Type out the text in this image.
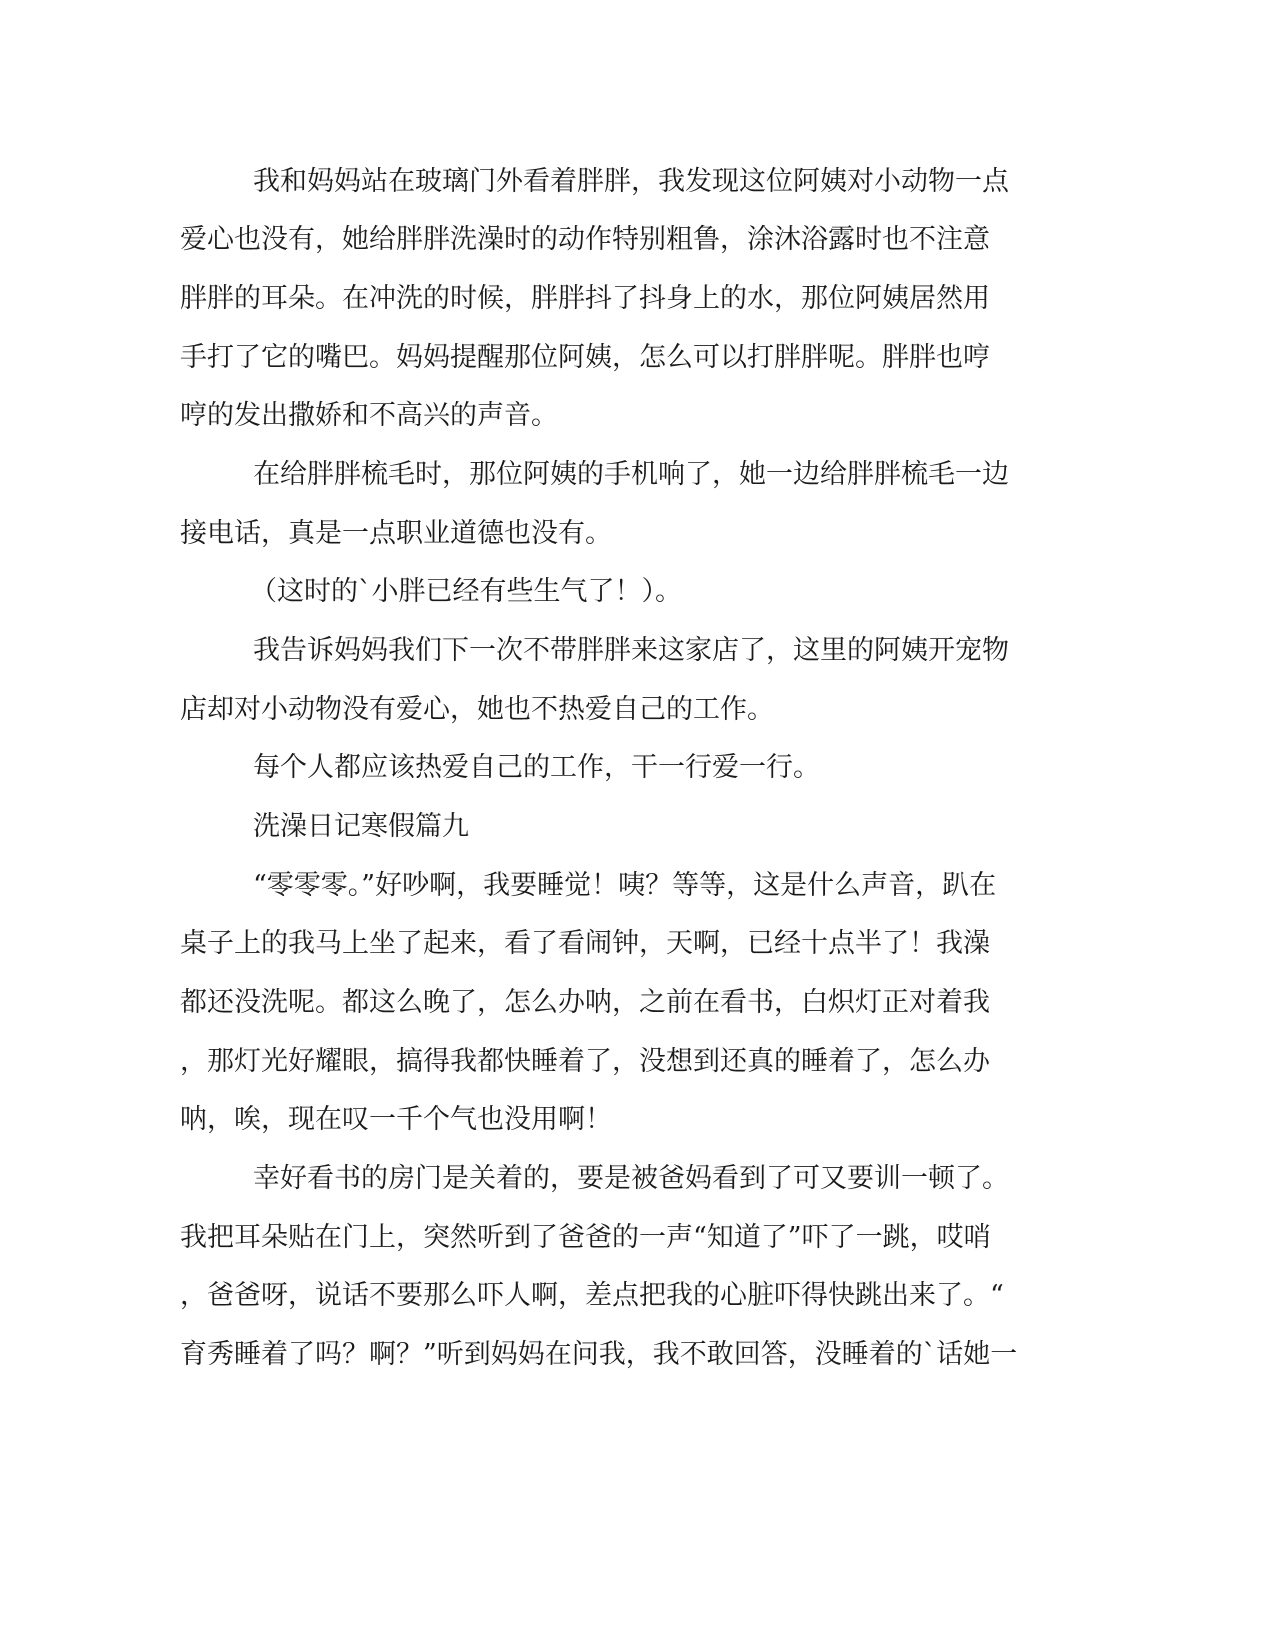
我和妈妈站在玻璃门外看着胖胖，我发现这位阿姨对小动物一点

爱心也没有，她给胖胖洗澡时的动作特别粗鲁，涂沐浴露时也不注意

胖胖的耳朵。在冲洗的时候，胖胖抖了抖身上的水，那位阿姨居然用

手打了它的嘴巴。妈妈提醒那位阿姨，怎么可以打胖胖呢。胖胖也哼

哼的发出撒娇和不高兴的声音。

在给胖胖梳毛时，那位阿姨的手机响了，她一边给胖胖梳毛一边

接电话，真是一点职业道德也没有。

（这时的`小胖已经有些生气了！）。

我告诉妈妈我们下一次不带胖胖来这家店了，这里的阿姨开宠物

店却对小动物没有爱心，她也不热爱自己的工作。

每个人都应该热爱自己的工作，干一行爱一行。

洗澡日记寒假篇九

“零零零。”好吵啊，我要睡觉！咦？等等，这是什么声音，趴在

桌子上的我马上坐了起来，看了看闹钟，天啊，已经十点半了！我澡

都还没洗呢。都这么晚了，怎么办呐，之前在看书，白炽灯正对着我

，那灯光好耀眼，搞得我都快睡着了，没想到还真的睡着了，怎么办

呐，唉，现在叹一千个气也没用啊！

幸好看书的房门是关着的，要是被爸妈看到了可又要训一顿了。

我把耳朵贴在门上，突然听到了爸爸的一声“知道了”吓了一跳，哎哨

，爸爸呀，说话不要那么吓人啊，差点把我的心脏吓得快跳出来了。“

育秀睡着了吗？啊？”听到妈妈在问我，我不敢回答，没睡着的`话她一
